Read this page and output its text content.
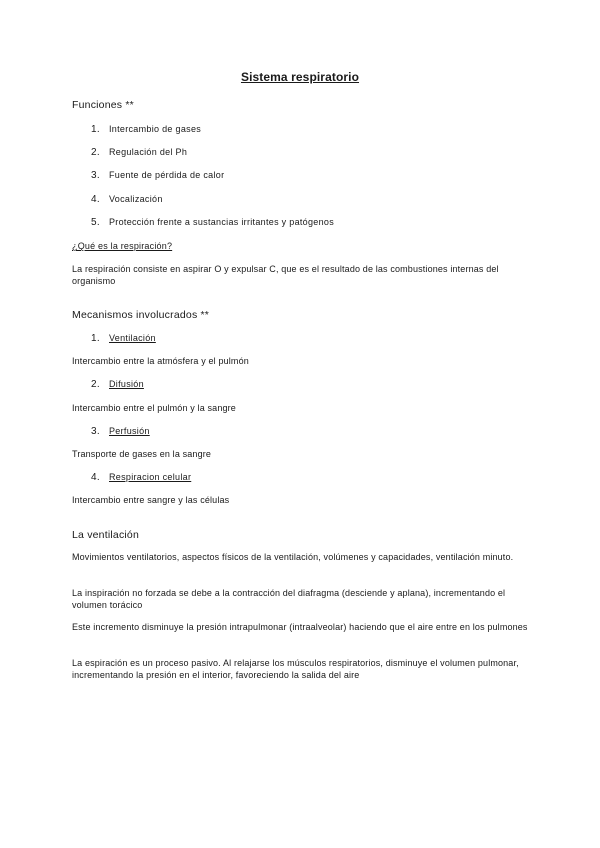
Sistema respiratorio
Funciones **
1. Intercambio de gases
2. Regulación del Ph
3. Fuente de pérdida de calor
4. Vocalización
5. Protección frente a sustancias irritantes y patógenos
¿Qué es la respiración?
La respiración consiste en aspirar O y expulsar C, que es el resultado de las combustiones internas del organismo
Mecanismos involucrados **
1. Ventilación
Intercambio entre la atmósfera y el pulmón
2. Difusión
Intercambio entre el pulmón y la sangre
3. Perfusión
Transporte de gases en la sangre
4. Respiracion celular
Intercambio entre sangre y las células
La ventilación
Movimientos ventilatorios, aspectos físicos de la ventilación, volúmenes y capacidades, ventilación minuto.
La inspiración no forzada se debe a la contracción del diafragma (desciende y aplana), incrementando el volumen torácico
Este incremento disminuye la presión intrapulmonar (intraalveolar) haciendo que el aire entre en los pulmones
La espiración es un proceso pasivo. Al relajarse los músculos respiratorios, disminuye el volumen pulmonar, incrementando la presión en el interior, favoreciendo la salida del aire
